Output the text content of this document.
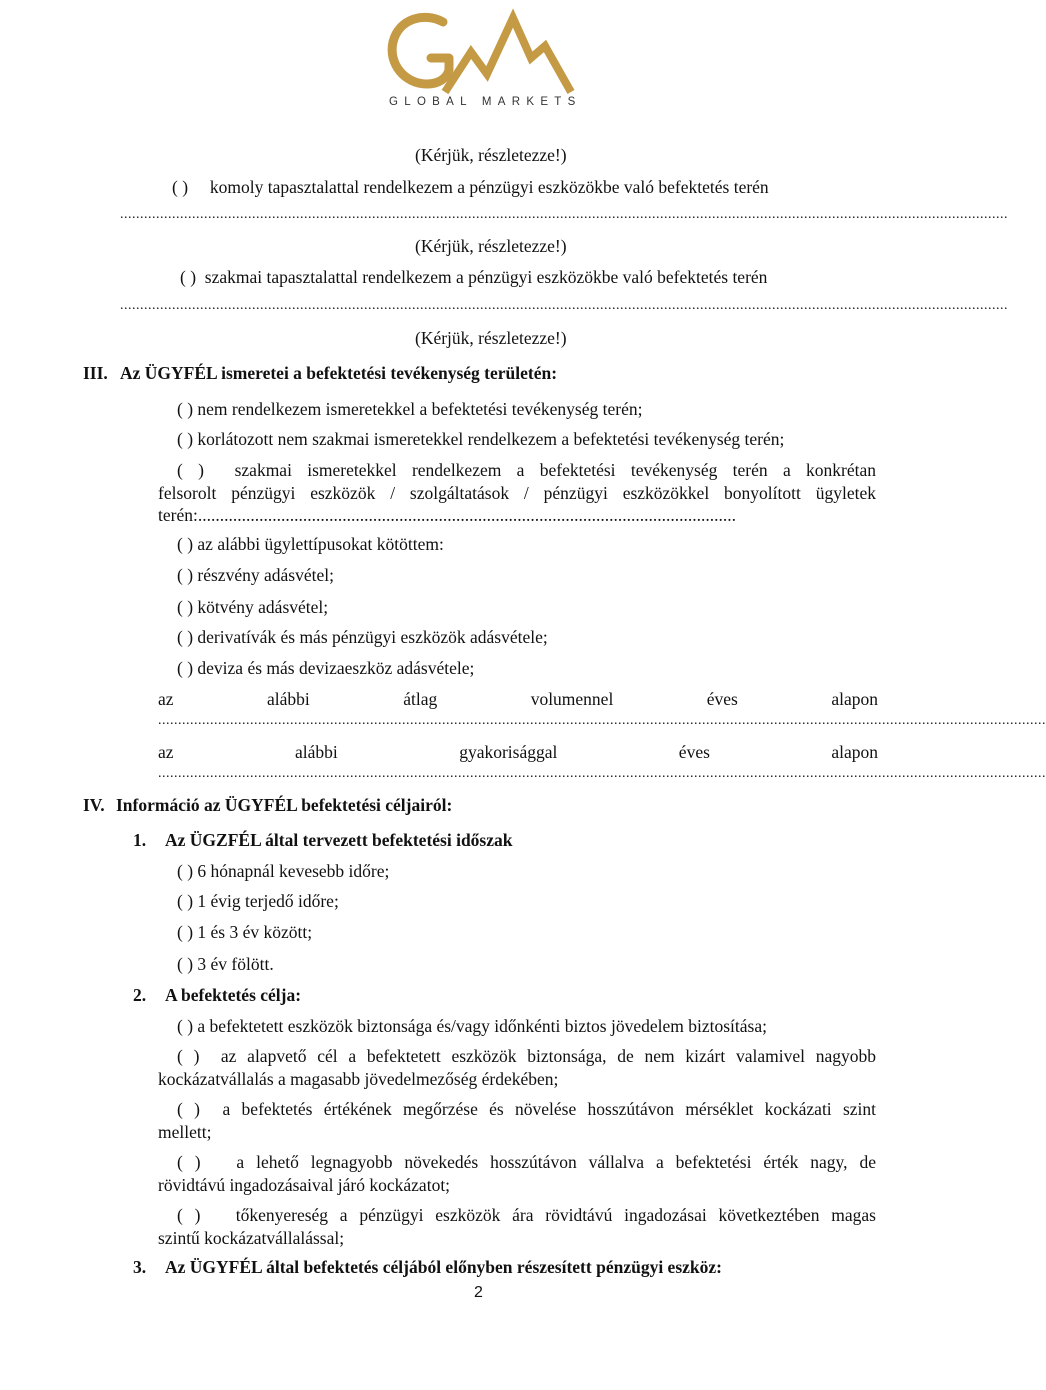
GLOBAL MARKETS
(Kérjük, részletezze!)
( )     komoly tapasztalattal rendelkezem a pénzügyi eszközökbe való befektetés terén
..............................................................................................................................................................................................................................
(Kérjük, részletezze!)
( )  szakmai tapasztalattal rendelkezem a pénzügyi eszközökbe való befektetés terén
..............................................................................................................................................................................................................................
(Kérjük, részletezze!)
III. Az ÜGYFÉL ismeretei a befektetési tevékenység területén:
( ) nem rendelkezem ismeretekkel a befektetési tevékenység terén;
( ) korlátozott nem szakmai ismeretekkel rendelkezem a befektetési tevékenység terén;
( )  szakmai ismeretekkel rendelkezem a befektetési tevékenység terén a konkrétan
felsorolt pénzügyi eszközök / szolgáltatások / pénzügyi eszközökkel bonyolított ügyletek
terén:...........................................................................................................................
( ) az alábbi ügylettípusokat kötöttem:
( ) részvény adásvétel;
( ) kötvény adásvétel;
( ) derivatívák és más pénzügyi eszközök adásvétele;
( ) deviza és más devizaeszköz adásvétele;
az	alábbi	átlag	volumennel	éves	alapon
..............................................................................................................................................................................................................................
az	alábbi	gyakorisággal	éves	alapon
..............................................................................................................................................................................................................................
IV. Információ az ÜGYFÉL befektetési céljairól:
1. Az ÜGZFÉL által tervezett befektetési időszak
( ) 6 hónapnál kevesebb időre;
( ) 1 évig terjedő időre;
( ) 1 és 3 év között;
( ) 3 év fölött.
2. A befektetés célja:
( ) a befektetett eszközök biztonsága és/vagy időnkénti biztos jövedelem biztosítása;
( )  az alapvető cél a befektetett eszközök biztonsága, de nem kizárt valamivel nagyobb
kockázatvállalás a magasabb jövedelmezőség érdekében;
( )  a befektetés értékének megőrzése és növelése hosszútávon mérséklet kockázati szint
mellett;
( )   a lehető legnagyobb növekedés hosszútávon vállalva a befektetési érték nagy, de
rövidtávú ingadozásaival járó kockázatot;
( )   tőkenyereség a pénzügyi eszközök ára rövidtávú ingadozásai következtében magas
szintű kockázatvállalással;
3. Az ÜGYFÉL által befektetés céljából előnyben részesített pénzügyi eszköz:
2
